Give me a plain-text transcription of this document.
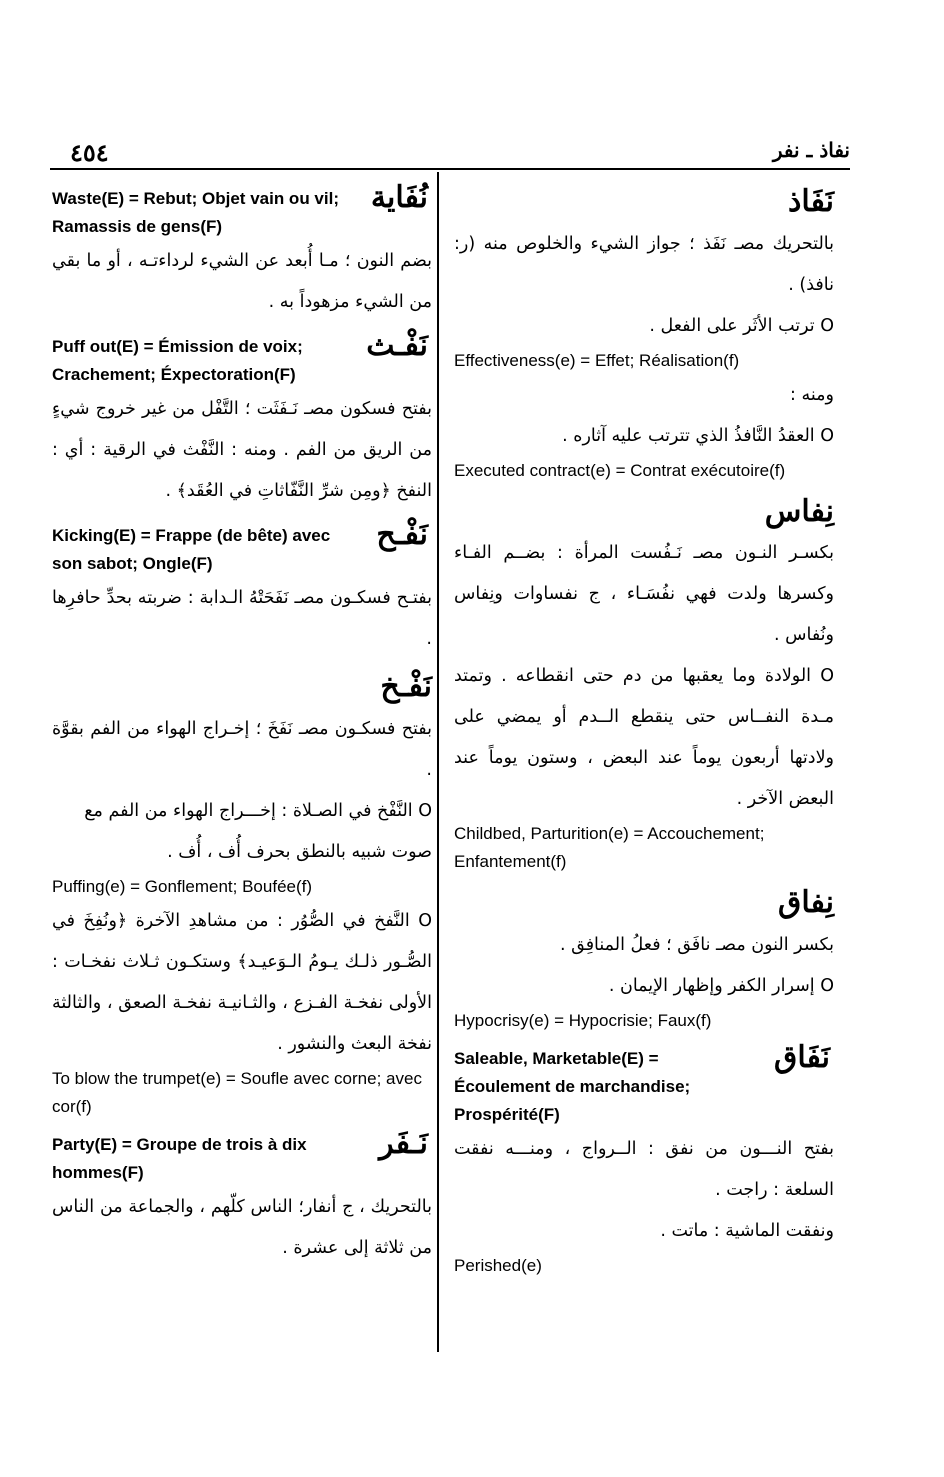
٤٥٤	نفاذ ـ نفر
نُفَاية
Waste(E) = Rebut; Objet vain ou vil; Ramassis de gens(F)
بضم النون ؛ مـا أُبعد عن الشيء لرداءتـه ، أو ما بقي من الشيء مزهوداً به .
نَفْـث
Puff out(E) = Émission de voix; Crachement; Éxpectoration(F)
بفتح فسكون مصـ نَـفَثَت ؛ التَّفْل من غير خروج شيءٍ من الريق من الفم . ومنه : النَّفْث في الرقية : أي : النفخ ﴿ومِن شرِّ النَّفّاثاتِ في العُقَد﴾ .
نَفْـح
Kicking(E) = Frappe (de bête) avec son sabot; Ongle(F)
بفتـح فسكـون مصـ نَفَحَتْهُ الـدابة : ضربته بحدِّ حافرِها .
نَفْـخ
بفتح فسكـون مصـ نَفَخَ ؛ إخـراج الهواء من الفم بقوَّة .
O النَّفْخ في الصـلاة : إخـــراج الهواء من الفم مع صوت شبيه بالنطق بحرف أُف ، أُف .
Puffing(e) = Gonflement; Boufée(f)
O النَّفخ في الصُّوُر : من مشاهدِ الآخرة ﴿ونُفِخَ في الصُّـور ذلـك يـومُ الـوَعيـد﴾ وستكـون ثـلاث نفخـات : الأولى نفخـة الفـزع ، والثـانيـة نفخـة الصعق ، والثالثة نفخة البعث والنشور .
To blow the trumpet(e) = Soufle avec corne; avec cor(f)
نَـفَر
Party(E) = Groupe de trois à dix hommes(F)
بالتحريك ، ج أنفار؛ الناس كلّهم ، والجماعة من الناس من ثلاثة إلى عشرة .
نَفَاذ
بالتحريك مصـ نَفَذ ؛ جواز الشيء والخلوص منه (ر: نافذ) .
O ترتب الأثَر على الفعل .
Effectiveness(e) = Effet; Réalisation(f)
ومنه :
O العقدُ النَّافذُ الذي تترتب عليه آثاره .
Executed contract(e) = Contrat exécutoire(f)
نِفاس
بكسـر النـون مصـ نَـفُست المرأة : بضــم الفـاء وكسرها ولدت فهي نفُسَـاء ، ج نفساوات ونِفاس ونُفاس .
O الولادة وما يعقبها من دم حتى انقطاعه . وتمتد مـدة النفــاس حتى ينقطع الــدم أو يمضي على ولادتها أربعون يوماً عند البعض ، وستون يوماً عند البعض الآخر .
Childbed, Parturition(e) = Accouchement; Enfantement(f)
نِفاق
بكسر النون مصـ نافَق ؛ فعلُ المنافِق .
O إسرار الكفر وإظهار الإيمان .
Hypocrisy(e) = Hypocrisie; Faux(f)
نَفَاق
Saleable, Marketable(E) = Écoulement de marchandise; Prospérité(F)
بفتح النـــون من نفق : الــرواج ، ومنـــه نفقت السلعة : راجت .
ونفقت الماشية : ماتت .
Perished(e)
